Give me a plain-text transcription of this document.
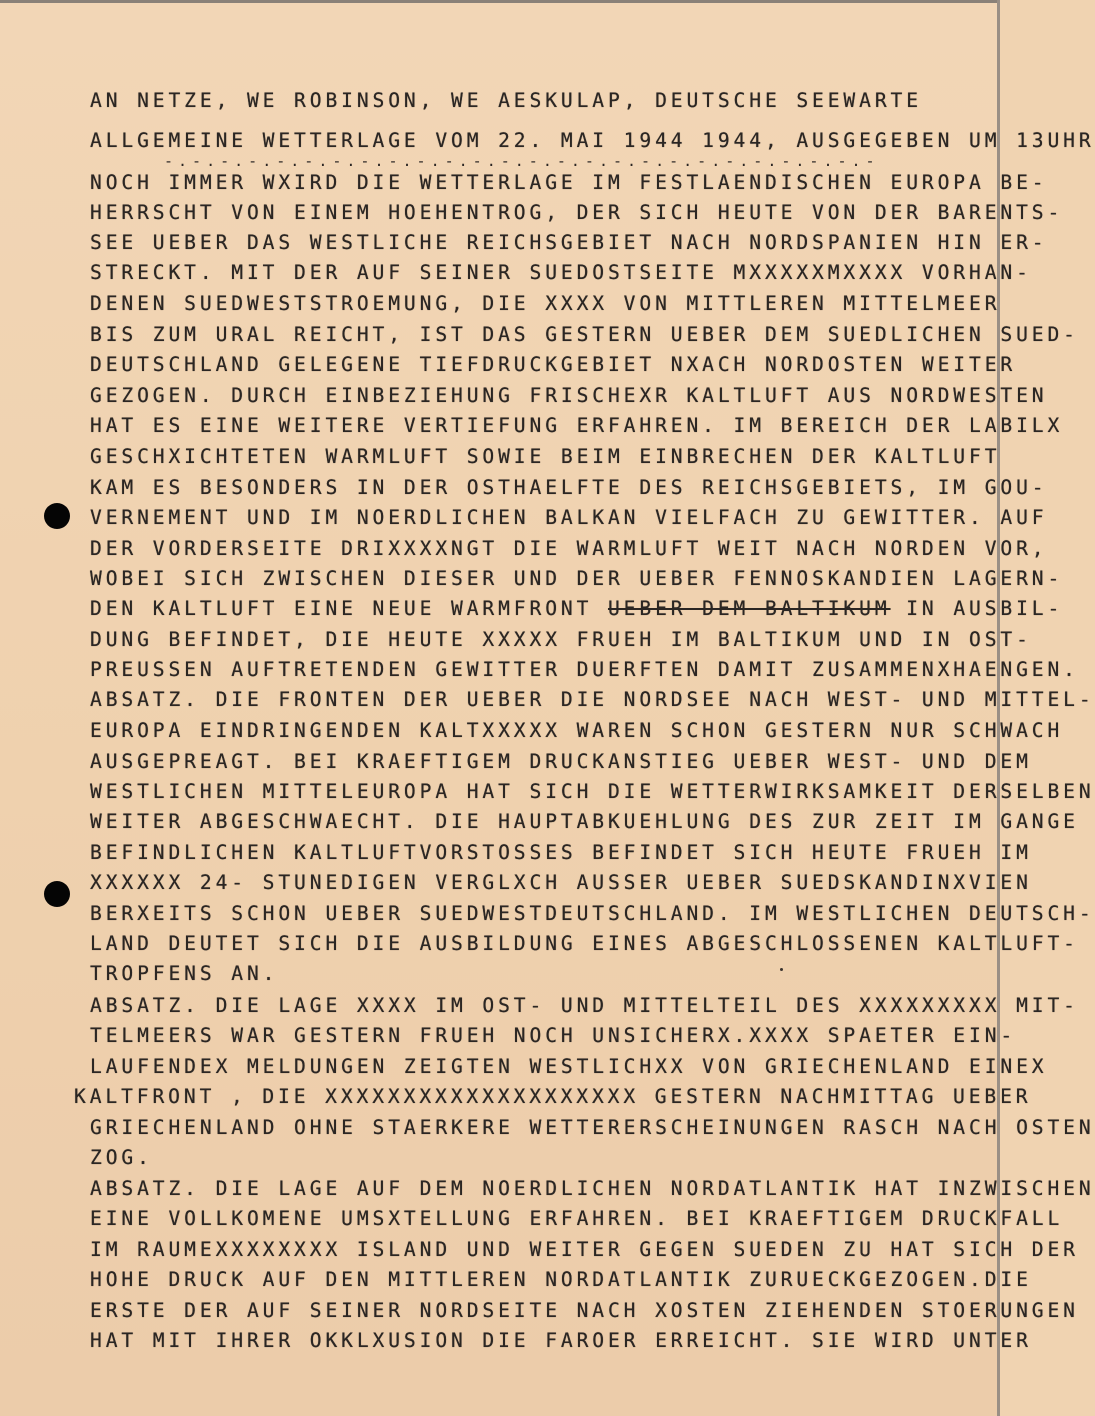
AN NETZE, WE ROBINSON, WE AESKULAP, DEUTSCHE SEEWARTE
ALLGEMEINE WETTERLAGE VOM 22. MAI 1944 1944, AUSGEGEBEN UM 13UHR
-.-.-.-.-.-.-.-.-.-.-.-.-.-.-.-.-.-.-.-.-.-.-.-.-.-
NOCH IMMER WXIRD DIE WETTERLAGE IM FESTLAENDISCHEN EUROPA BE-
HERRSCHT VON EINEM HOEHENTROG, DER SICH HEUTE VON DER BARENTS-
SEE UEBER DAS WESTLICHE REICHSGEBIET NACH NORDSPANIEN HIN ER-
STRECKT. MIT DER AUF SEINER SUEDOSTSEITE MXXXXXMXXXX VORHAN-
DENEN SUEDWESTSTROEMUNG, DIE XXXX VON MITTLEREN MITTELMEER
BIS ZUM URAL REICHT, IST DAS GESTERN UEBER DEM SUEDLICHEN SUED-
DEUTSCHLAND GELEGENE TIEFDRUCKGEBIET NXACH NORDOSTEN WEITER
GEZOGEN. DURCH EINBEZIEHUNG FRISCHEXR KALTLUFT AUS NORDWESTEN
HAT ES EINE WEITERE VERTIEFUNG ERFAHREN. IM BEREICH DER LABILX
GESCHXICHTETEN WARMLUFT SOWIE BEIM EINBRECHEN DER KALTLUFT
KAM ES BESONDERS IN DER OSTHAELFTE DES REICHSGEBIETS, IM GOU-
VERNEMENT UND IM NOERDLICHEN BALKAN VIELFACH ZU GEWITTER. AUF
DER VORDERSEITE DRIXXXXNGT DIE WARMLUFT WEIT NACH NORDEN VOR,
WOBEI SICH ZWISCHEN DIESER UND DER UEBER FENNOSKANDIEN LAGERN-
DEN KALTLUFT EINE NEUE WARMFRONT UEBER DEM BALTIKUM IN AUSBIL-
DUNG BEFINDET, DIE HEUTE XXXXX FRUEH IM BALTIKUM UND IN OST-
PREUSSEN AUFTRETENDEN GEWITTER DUERFTEN DAMIT ZUSAMMENXHAENGEN.
ABSATZ. DIE FRONTEN DER UEBER DIE NORDSEE NACH WEST- UND MITTEL-
EUROPA EINDRINGENDEN KALTXXXXX WAREN SCHON GESTERN NUR SCHWACH
AUSGEPREAGT. BEI KRAEFTIGEM DRUCKANSTIEG UEBER WEST- UND DEM
WESTLICHEN MITTELEUROPA HAT SICH DIE WETTERWIRKSAMKEIT DERSELBEN
WEITER ABGESCHWAECHT. DIE HAUPTABKUEHLUNG DES ZUR ZEIT IM GANGE
BEFINDLICHEN KALTLUFTVORSTOSSES BEFINDET SICH HEUTE FRUEH IM
XXXXXX 24- STUNEDIGEN VERGLXCH AUSSER UEBER SUEDSKANDINXVIEN
BERXEITS SCHON UEBER SUEDWESTDEUTSCHLAND. IM WESTLICHEN DEUTSCH-
LAND DEUTET SICH DIE AUSBILDUNG EINES ABGESCHLOSSENEN KALTLUFT-
TROPFENS AN.
ABSATZ. DIE LAGE XXXX IM OST- UND MITTELTEIL DES XXXXXXXXX MIT-
TELMEERS WAR GESTERN FRUEH NOCH UNSICHERX.XXXX SPAETER EIN-
LAUFENDEX MELDUNGEN ZEIGTEN WESTLICHXX VON GRIECHENLAND EINEX
KALTFRONT , DIE XXXXXXXXXXXXXXXXXXXX GESTERN NACHMITTAG UEBER
GRIECHENLAND OHNE STAERKERE WETTERERSCHEINUNGEN RASCH NACH OSTEN
ZOG.
ABSATZ. DIE LAGE AUF DEM NOERDLICHEN NORDATLANTIK HAT INZWISCHEN
EINE VOLLKOMENE UMSXTELLUNG ERFAHREN. BEI KRAEFTIGEM DRUCKFALL
IM RAUMEXXXXXXXX ISLAND UND WEITER GEGEN SUEDEN ZU HAT SICH DER
HOHE DRUCK AUF DEN MITTLEREN NORDATLANTIK ZURUECKGEZOGEN.DIE
ERSTE DER AUF SEINER NORDSEITE NACH XOSTEN ZIEHENDEN STOERUNGEN
HAT MIT IHRER OKKLXUSION DIE FAROER ERREICHT. SIE WIRD UNTER
